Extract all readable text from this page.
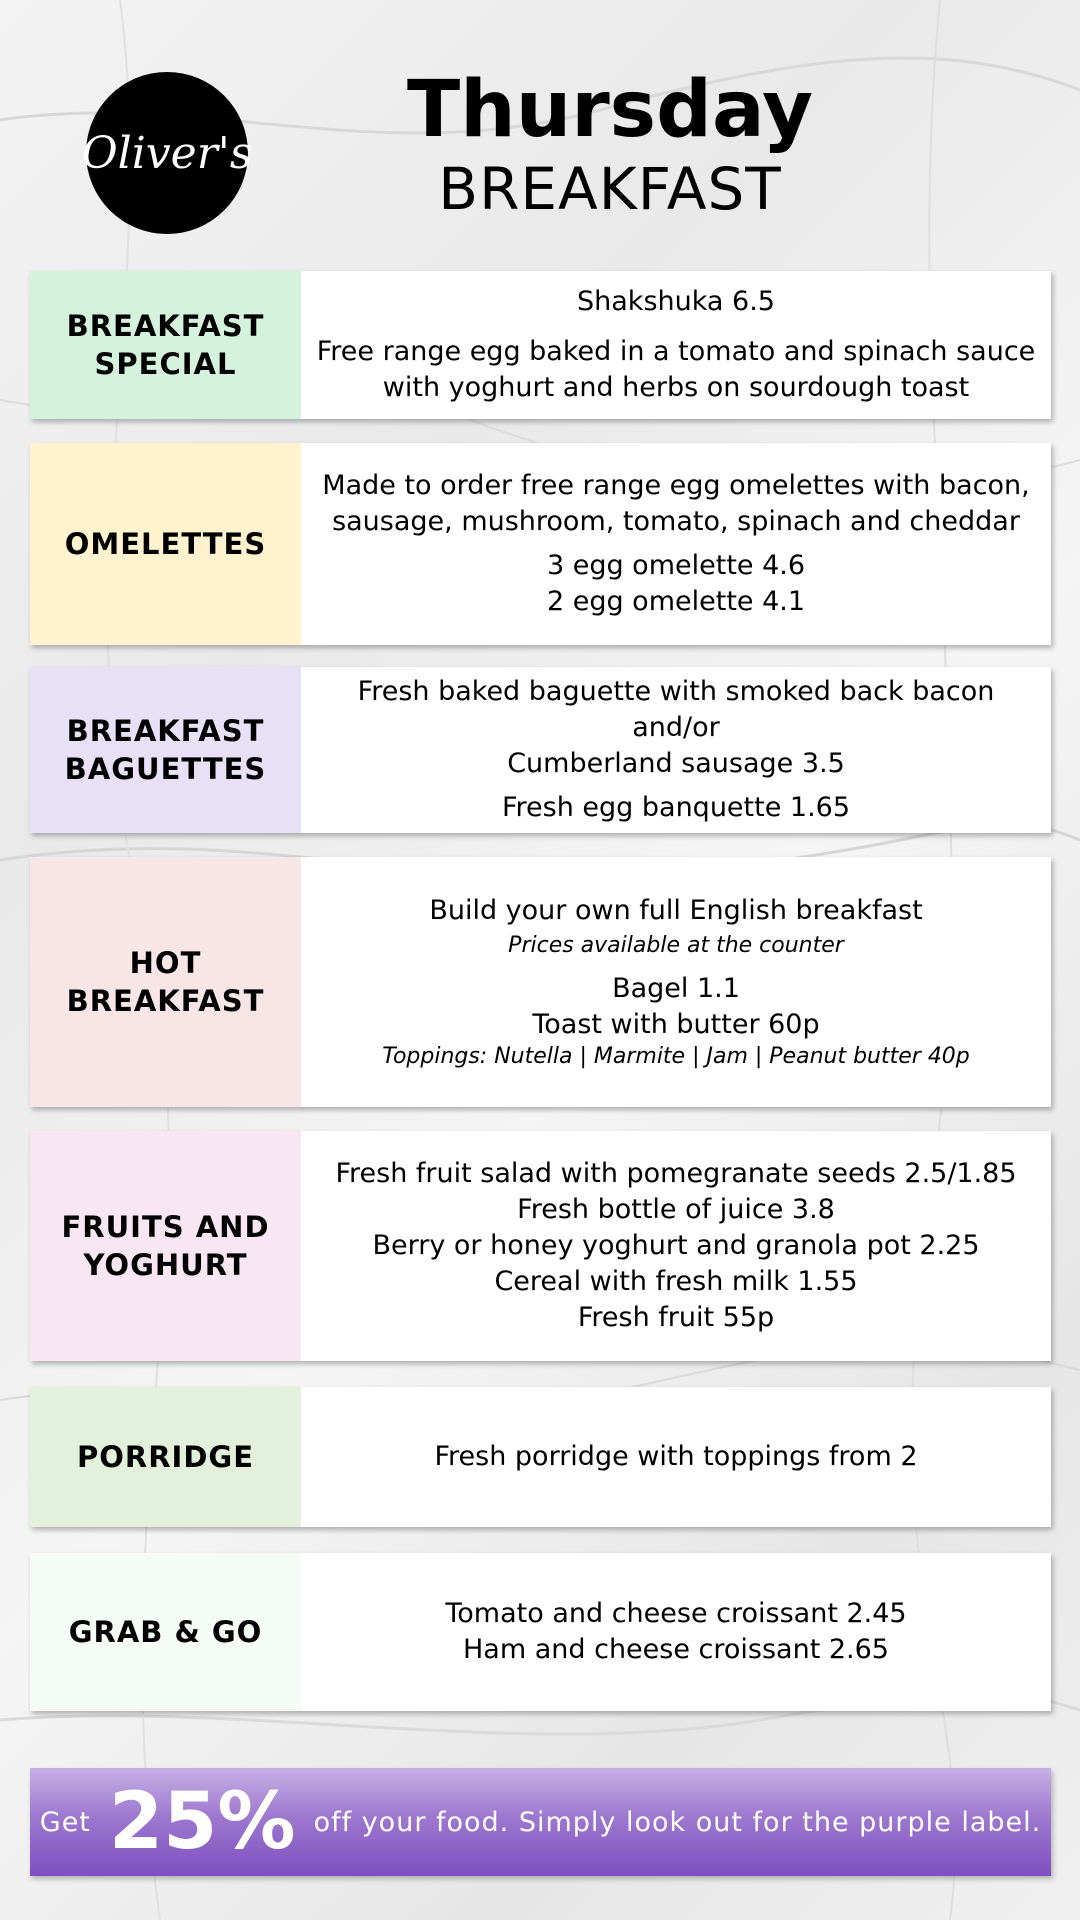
Oliver's	Thursday
BREAKFAST
BREAKFAST SPECIAL
Shakshuka 6.5
Free range egg baked in a tomato and spinach sauce
with yoghurt and herbs on sourdough toast
OMELETTES
Made to order free range egg omelettes with bacon,
sausage, mushroom, tomato, spinach and cheddar
3 egg omelette 4.6
2 egg omelette 4.1
BREAKFAST BAGUETTES
Fresh baked baguette with smoked back bacon and/or
Cumberland sausage 3.5
Fresh egg banquette 1.65
HOT BREAKFAST
Build your own full English breakfast
Prices available at the counter
Bagel 1.1
Toast with butter 60p
Toppings: Nutella | Marmite | Jam | Peanut butter 40p
FRUITS AND YOGHURT
Fresh fruit salad with pomegranate seeds 2.5/1.85
Fresh bottle of juice 3.8
Berry or honey yoghurt and granola pot 2.25
Cereal with fresh milk 1.55
Fresh fruit 55p
PORRIDGE	Fresh porridge with toppings from 2
GRAB & GO
Tomato and cheese croissant 2.45
Ham and cheese croissant 2.65
Get 25% off your food. Simply look out for the purple label.
